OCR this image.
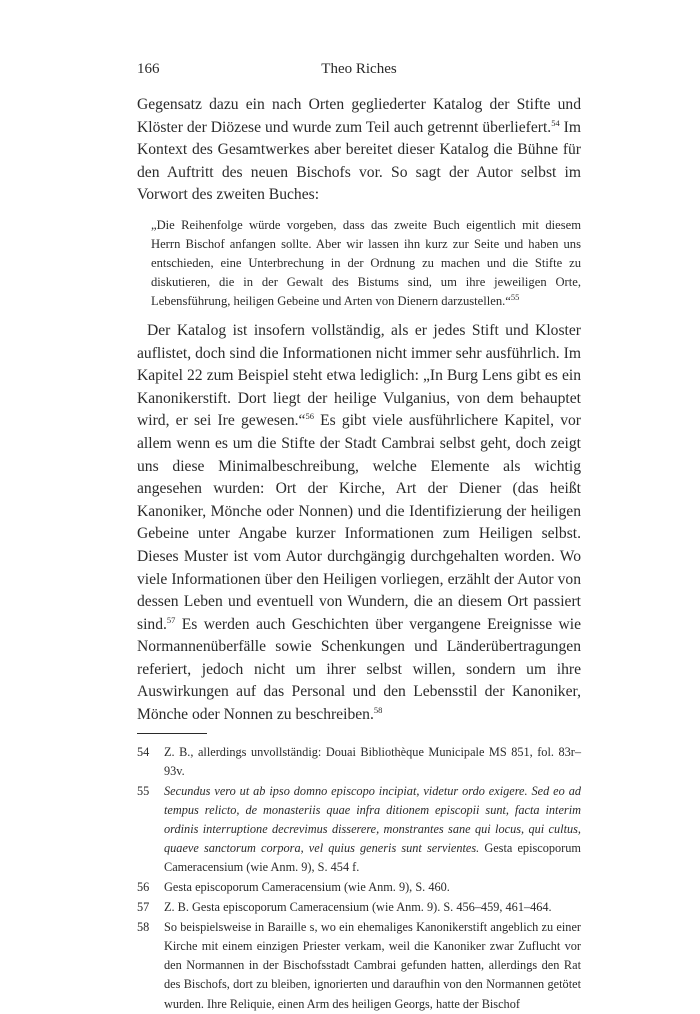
166	Theo Riches

Gegensatz dazu ein nach Orten gegliederter Katalog der Stifte und Klöster der Diözese und wurde zum Teil auch getrennt überliefert.$^{54}$ Im Kontext des Gesamtwerkes aber bereitet dieser Katalog die Bühne für den Auftritt des neuen Bischofs vor. So sagt der Autor selbst im Vorwort des zweiten Buches:

„Die Reihenfolge würde vorgeben, dass das zweite Buch eigentlich mit diesem Herrn Bischof anfangen sollte. Aber wir lassen ihn kurz zur Seite und haben uns entschieden, eine Unterbrechung in der Ordnung zu machen und die Stifte zu diskutieren, die in der Gewalt des Bistums sind, um ihre jeweiligen Orte, Lebensführung, heiligen Gebeine und Arten von Dienern darzustellen.“$^{55}$

Der Katalog ist insofern vollständig, als er jedes Stift und Kloster auflistet, doch sind die Informationen nicht immer sehr ausführlich. Im Kapitel 22 zum Beispiel steht etwa lediglich: „In Burg Lens gibt es ein Kanonikerstift. Dort liegt der heilige Vulganius, von dem behauptet wird, er sei Ire gewesen.“$^{56}$ Es gibt viele ausführlichere Kapitel, vor allem wenn es um die Stifte der Stadt Cambrai selbst geht, doch zeigt uns diese Minimalbeschreibung, welche Elemente als wichtig angesehen wurden: Ort der Kirche, Art der Diener (das heißt Kanoniker, Mönche oder Nonnen) und die Identifizierung der heiligen Gebeine unter Angabe kurzer Informationen zum Heiligen selbst. Dieses Muster ist vom Autor durchgängig durchgehalten worden. Wo viele Informationen über den Heiligen vorliegen, erzählt der Autor von dessen Leben und eventuell von Wundern, die an diesem Ort passiert sind.$^{57}$ Es werden auch Geschichten über vergangene Ereignisse wie Normannenüberfälle sowie Schenkungen und Länderübertragungen referiert, jedoch nicht um ihrer selbst willen, sondern um ihre Auswirkungen auf das Personal und den Lebensstil der Kanoniker, Mönche oder Nonnen zu beschreiben.$^{58}$

54 Z. B., allerdings unvollständig: Douai Bibliothèque Municipale MS 851, fol. 83r–93v.
55 Secundus vero ut ab ipso domno episcopo incipiat, videtur ordo exigere. Sed eo ad tempus relicto, de monasteriis quae infra ditionem episcopii sunt, facta interim ordinis interruptione decrevimus disserere, monstrantes sane qui locus, qui cultus, quaeve sanctorum corpora, vel quius generis sunt servientes. Gesta episcoporum Cameracensium (wie Anm. 9), S. 454 f.
56 Gesta episcoporum Cameracensium (wie Anm. 9), S. 460.
57 Z. B. Gesta episcoporum Cameracensium (wie Anm. 9). S. 456–459, 461–464.
58 So beispielsweise in Baraille s, wo ein ehemaliges Kanonikerstift angeblich zu einer Kirche mit einem einzigen Priester verkam, weil die Kanoniker zwar Zuflucht vor den Normannen in der Bischofsstadt Cambrai gefunden hatten, allerdings den Rat des Bischofs, dort zu bleiben, ignorierten und daraufhin von den Normannen getötet wurden. Ihre Reliquie, einen Arm des heiligen Georgs, hatte der Bischof
